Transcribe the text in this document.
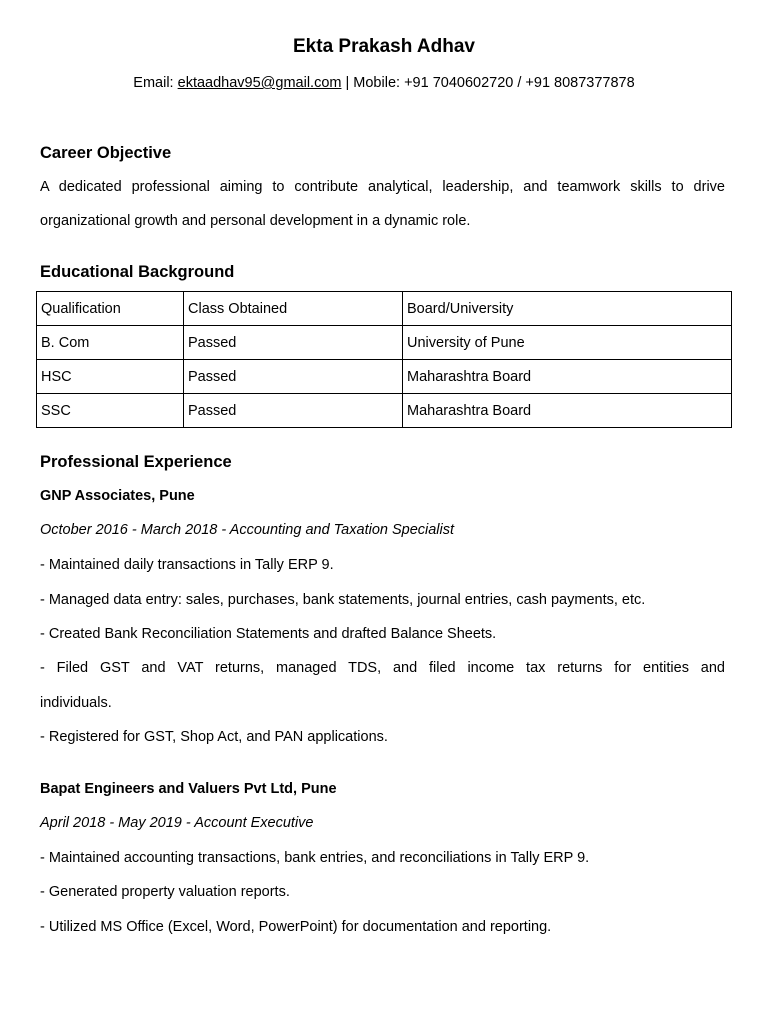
Ekta Prakash Adhav
Email: ektaadhav95@gmail.com | Mobile: +91 7040602720 / +91 8087377878
Career Objective
A dedicated professional aiming to contribute analytical, leadership, and teamwork skills to drive organizational growth and personal development in a dynamic role.
Educational Background
Qualification	Class Obtained	Board/University
B. Com	Passed	University of Pune
HSC	Passed	Maharashtra Board
SSC	Passed	Maharashtra Board
Professional Experience
GNP Associates, Pune
October 2016 - March 2018 - Accounting and Taxation Specialist
- Maintained daily transactions in Tally ERP 9.
- Managed data entry: sales, purchases, bank statements, journal entries, cash payments, etc.
- Created Bank Reconciliation Statements and drafted Balance Sheets.
- Filed GST and VAT returns, managed TDS, and filed income tax returns for entities and
individuals.
- Registered for GST, Shop Act, and PAN applications.
Bapat Engineers and Valuers Pvt Ltd, Pune
April 2018 - May 2019 - Account Executive
- Maintained accounting transactions, bank entries, and reconciliations in Tally ERP 9.
- Generated property valuation reports.
- Utilized MS Office (Excel, Word, PowerPoint) for documentation and reporting.
